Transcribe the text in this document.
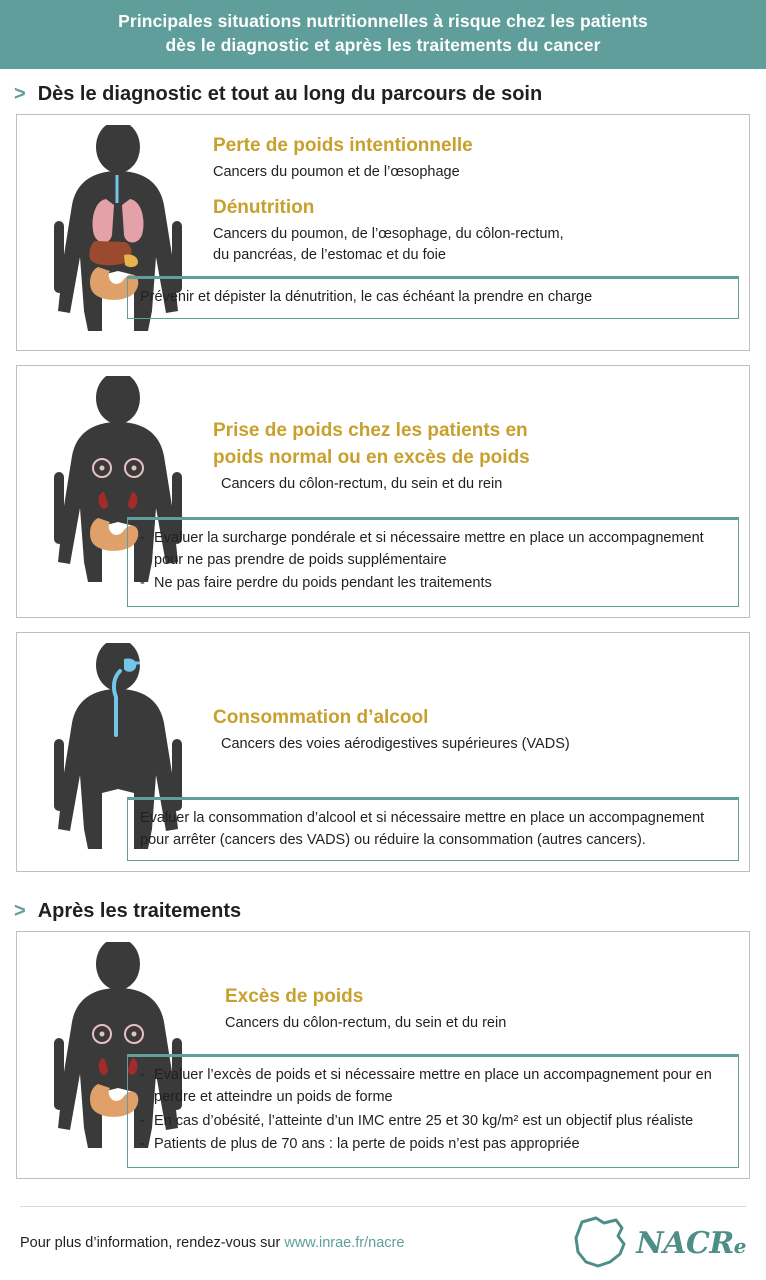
Principales situations nutritionnelles à risque chez les patients
dès le diagnostic et après les traitements du cancer
> Dès le diagnostic et tout au long du parcours de soin
Perte de poids intentionnelle
Cancers du poumon et de l’œsophage
Dénutrition
Cancers du poumon, de l’œsophage, du côlon-rectum,
du pancréas, de l’estomac et du foie

Prévenir et dépister la dénutrition, le cas échéant la prendre en charge

Prise de poids chez les patients en
poids normal ou en excès de poids
Cancers du côlon-rectum, du sein et du rein
- Evaluer la surcharge pondérale et si nécessaire mettre en place un accompagnement pour ne pas prendre de poids supplémentaire
- Ne pas faire perdre du poids pendant les traitements
Consommation d’alcool
Cancers des voies aérodigestives supérieures (VADS)

Evaluer la consommation d’alcool et si nécessaire mettre en place un accompagnement pour arrêter (cancers des VADS) ou réduire la consommation (autres cancers).

> Après les traitements
Excès de poids
Cancers du côlon-rectum, du sein et du rein
- Evaluer l’excès de poids et si nécessaire mettre en place un accompagnement pour en perdre et atteindre un poids de forme
- En cas d’obésité, l’atteinte d’un IMC entre 25 et 30 kg/m² est un objectif plus réaliste
- Patients de plus de 70 ans : la perte de poids n’est pas appropriée
Pour plus d’information, rendez-vous sur www.inrae.fr/nacre	NACRe
